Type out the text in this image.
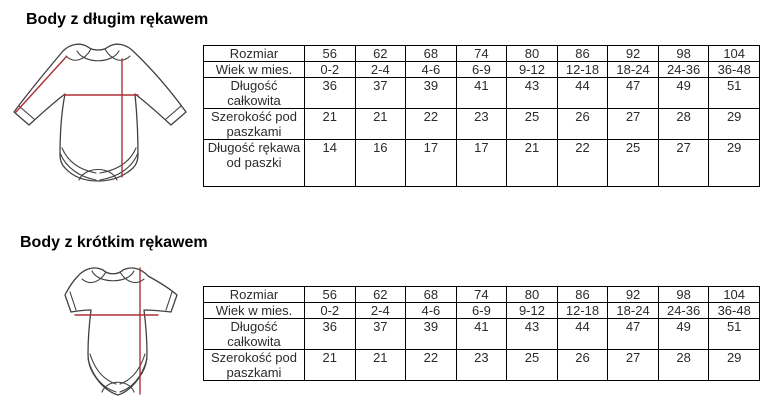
Body z długim rękawem
Rozmiar	56	62	68	74	80	86	92	98	104
Wiek w mies.	0-2	2-4	4-6	6-9	9-12	12-18	18-24	24-36	36-48
Długość całkowita	36	37	39	41	43	44	47	49	51
Szerokość pod paszkami	21	21	22	23	25	26	27	28	29
Długość rękawa od paszki	14	16	17	17	21	22	25	27	29
Body z krótkim rękawem
Rozmiar	56	62	68	74	80	86	92	98	104
Wiek w mies.	0-2	2-4	4-6	6-9	9-12	12-18	18-24	24-36	36-48
Długość całkowita	36	37	39	41	43	44	47	49	51
Szerokość pod paszkami	21	21	22	23	25	26	27	28	29
